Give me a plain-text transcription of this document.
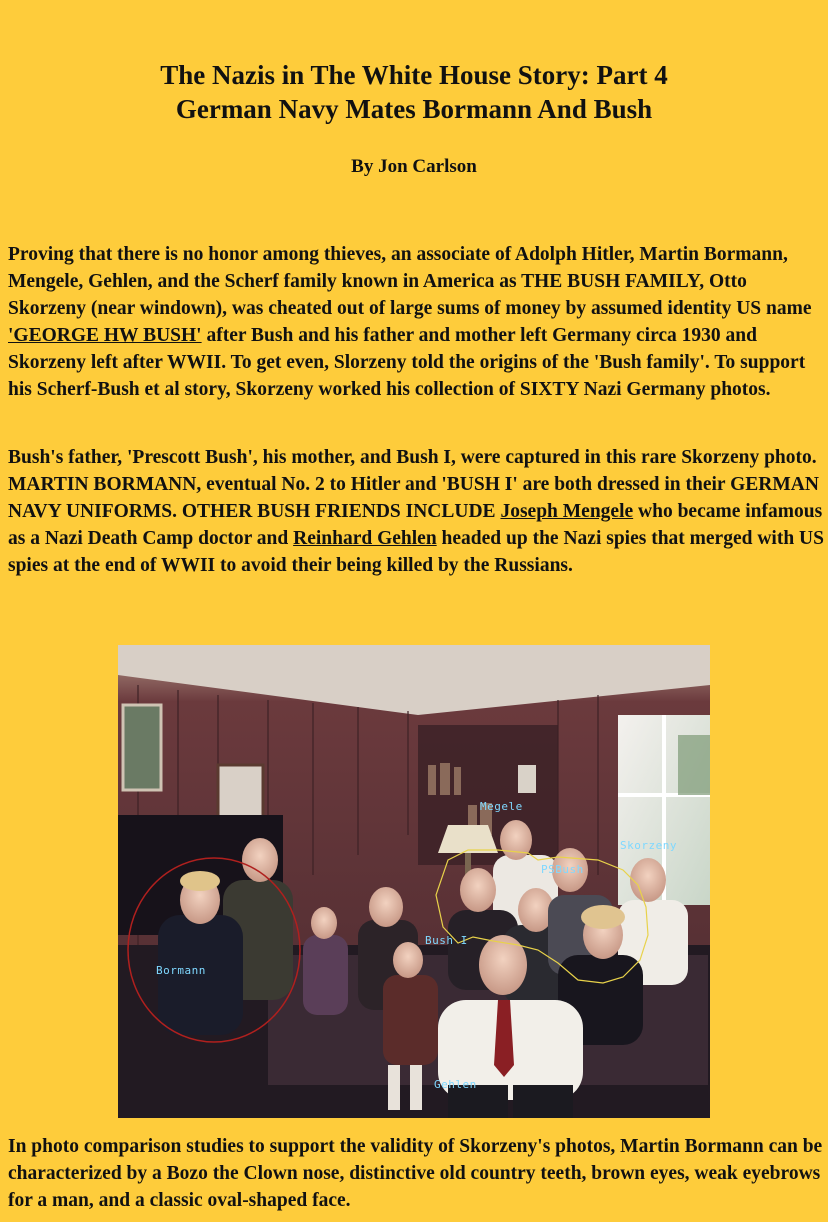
The Nazis in The White House Story: Part 4
German Navy Mates Bormann And Bush

By Jon Carlson

Proving that there is no honor among thieves, an associate of Adolph Hitler, Martin Bormann, Mengele, Gehlen, and the Scherf family known in America as THE BUSH FAMILY, Otto Skorzeny (near windown), was cheated out of large sums of money by assumed identity US name 'GEORGE HW BUSH' after Bush and his father and mother left Germany circa 1930 and Skorzeny left after WWII. To get even, Slorzeny told the origins of the 'Bush family'. To support his Scherf-Bush et al story, Skorzeny worked his collection of SIXTY Nazi Germany photos.

Bush's father, 'Prescott Bush', his mother, and Bush I, were captured in this rare Skorzeny photo.
MARTIN BORMANN, eventual No. 2 to Hitler and 'BUSH I' are both dressed in their GERMAN NAVY UNIFORMS. OTHER BUSH FRIENDS INCLUDE Joseph Mengele who became infamous as a Nazi Death Camp doctor and Reinhard Gehlen headed up the Nazi spies that merged with US spies at the end of WWII to avoid their being killed by the Russians.

Megele
Skorzeny
PSBush
Bush I
Bormann
Gehlen

In photo comparison studies to support the validity of Skorzeny's photos, Martin Bormann can be characterized by a Bozo the Clown nose, distinctive old country teeth, brown eyes, weak eyebrows for a man, and a classic oval-shaped face.
